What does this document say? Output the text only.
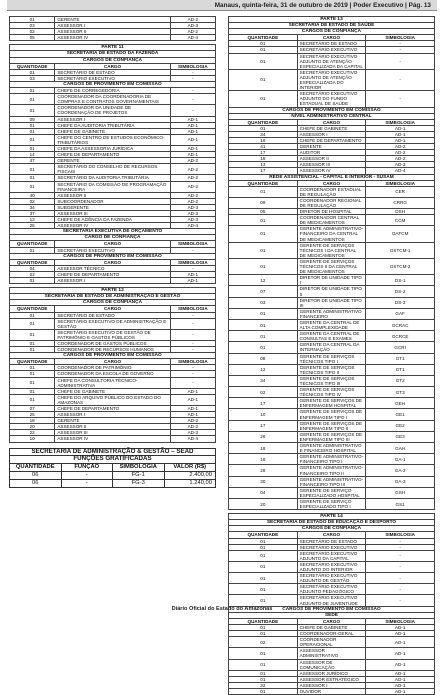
Manaus, quinta-feira, 31 de outubro de 2019 | Poder Executivo | Pág. 13
01	GERENTE	AD-2
03	ASSESSOR I	AD-3
02	ASSESSOR II	AD-2
05	ASSESSOR IV	AD-4

PARTE 11		
SECRETARIA DE ESTADO DA FAZENDA		
CARGOS DE CONFIANÇA		
QUANTIDADE	CARGO	SIMBOLOGIA
01	SECRETÁRIO DE ESTADO	-
03	SECRETÁRIO EXECUTIVO	-
CARGOS DE PROVIMENTO EM COMISSÃO		
01	CHEFE DE CORREGEDORIA	-
01	COORDENADOR DA COORDENADORIA DE COMPRAS E CONTRATOS GOVERNAMENTAIS	-
01	COORDENADOR DA UNIDADE DE COORDENAÇÃO DE PROJETOS	-
09	ASSESSOR I	AD-1
01	CHEFE DA AUDITORIA TRIBUTÁRIA	AD-1
01	CHEFE DE GABINETE	AD-1
01	CHEFE DO CENTRO DE ESTUDOS ECONÔMICO-TRIBUTÁRIOS	AD-1
01	CHEFE DA ASSESSORIA JURÍDICA	AD-1
14	CHEFE DE DEPARTAMENTO	AD-1
47	GERENTE	AD-2
01	SECRETÁRIO DO CONSELHO DE RECURSOS FISCAIS	AD-2
01	SECRETÁRIO DA AUDITORIA TRIBUTÁRIA	AD-2
01	SECRETÁRIO DA COMISSÃO DE PROGRAMAÇÃO FINANCEIRA	AD-2
40	ASSESSOR II	AD-2
02	SUBCOORDENADOR	AD-2
34	SUBGERENTE	AD-3
37	ASSESSOR III	AD-3
13	CHEFE DE AGÊNCIA DA FAZENDA	AD-3
26	ASSESSOR IV	AD-4
SECRETARIA EXECUTIVA DE ORÇAMENTO		
CARGO DE CONFIANÇA		
QUANTIDADE	CARGO	SIMBOLOGIA
01	SECRETÁRIO EXECUTIVO	-
CARGOS DE PROVIMENTO EM COMISSÃO		
QUANTIDADE	CARGO	SIMBOLOGIA
04	ASSESSOR TÉCNICO	-
02	CHEFE DE DEPARTAMENTO	AD-1
01	ASSESSOR I	AD-1

PARTE 12		
SECRETARIA DE ESTADO DE ADMINISTRAÇÃO E GESTÃO		
CARGOS DE CONFIANÇA		
QUANTIDADE	CARGO	SIMBOLOGIA
01	SECRETÁRIO DE ESTADO	-
01	SECRETÁRIO EXECUTIVO DE ADMINISTRAÇÃO E GESTÃO	-
01	SECRETÁRIO EXECUTIVO DE GESTÃO DE PATRIMÔNIO E GASTOS PÚBLICOS	-
01	COORDENADOR DE GASTOS PÚBLICOS	-
01	COORDENADOR DE RECURSOS HUMANOS	-
CARGOS DE PROVIMENTO EM COMISSÃO		
QUANTIDADE	CARGO	SIMBOLOGIA
01	COORDENADOR DE PATRIMÔNIO	-
01	COORDENADOR DA ESCOLA DE GOVERNO	-
01	CHEFE DA CONSULTORIA TÉCNICO-ADMINISTRATIVA	-
01	CHEFE DE GABINETE	AD-1
01	CHEFE DO ARQUIVO PÚBLICO DO ESTADO DO AMAZONAS	AD-1
07	CHEFE DE DEPARTAMENTO	AD-1
25	ASSESSOR I	AD-1
18	GERENTE	AD-2
20	ASSESSOR II	AD-2
22	ASSESSOR III	AD-3
10	ASSESSOR IV	AD-4
SECRETARIA DE ADMINISTRAÇÃO & GESTÃO – SEAD			
FUNÇÕES GRATIFICADAS			
QUANTIDADE	FUNÇÃO	SIMBOLOGIA	VALOR (R$)
06	-	FG-1	2.400,00
06	-	FG-3	1.240,00
PARTE 13		
SECRETARIA DE ESTADO DE SAÚDE		
CARGOS DE CONFIANÇA		
QUANTIDADE	CARGO	SIMBOLOGIA
01	SECRETÁRIO DE ESTADO	-
01	SECRETÁRIO EXECUTIVO	-
01	SECRETÁRIO EXECUTIVO ADJUNTO DE ATENÇÃO ESPECIALIZADA DA CAPITAL	-
01	SECRETÁRIO EXECUTIVO ADJUNTO DE ATENÇÃO ESPECIALIZADA DO INTERIOR	-
01	SECRETÁRIO EXECUTIVO ADJUNTO DO FUNDO ESTADUAL DE SAÚDE	-
CARGOS DE PROVIMENTO EM COMISSÃO		
NÍVEL ADMINISTRATIVO CENTRAL		
QUANTIDADE	CARGO	SIMBOLOGIA
01	CHEFE DE GABINETE	AD-1
34	ASSESSOR I	AD-1
16	CHEFE DE DEPARTAMENTO	AD-1
41	GERENTE	AD-2
17	AUDITOR	AD-2
18	ASSESSOR II	AD-2
13	ASSESSOR III	AD-3
17	ASSESSOR IV	AD-4
REDE ASSISTENCIAL - CAPITAL E INTERIOR - SUSAM		
QUANTIDADE	CARGO	SIMBOLOGIA
01	COORDENADOR ESTADUAL DE REGULAÇÃO	CER
09	COORDENADOR REGIONAL DE REGULAÇÃO	CRRG
05	DIRETOR DE HOSPITAL	DSH
01	COORDENADOR CENTRAL DE MEDICAMENTOS	CCM
01	GERENTE ADMINISTRATIVO-FINANCEIRO DA CENTRAL DE MEDICAMENTOS	GAFCM
01	GERENTE DE SERVIÇOS TÉCNICOS I DA CENTRAL DE MEDICAMENTOS	GSTCM-1
01	GERENTE DE SERVIÇOS TÉCNICOS II DA CENTRAL DE MEDICAMENTOS	GSTCM-2
12	DIRETOR DE UNIDADE TIPO I	DS-1
07	DIRETOR DE UNIDADE TIPO II	DS-2
03	DIRETOR DE UNIDADE TIPO III	DS-3
01	GERENTE ADMINISTRATIVO FINANCEIRO	GAF
01	GERENTE DA CENTRAL DE ALTA COMPLEXIDADE	GCRAC
01	GERENTE DA CENTRAL DE CONSULTAS E EXAMES	GCRCE
01	GERENTE DA CENTRAL DA INTERNAÇÃO	GCRI
08	GERENTE DE SERVIÇOS TÉCNICOS TIPO I	GT1
12	GERENTE DE SERVIÇOS TÉCNICOS TIPO II	GT1
34	GERENTE DE SERVIÇOS TÉCNICOS TIPO III	GT2
02	GERENTE DE SERVIÇOS TÉCNICOS TIPO IV	GT3
17	GERENTE DE SERVIÇOS DE ENFERMAGEM HOSPITAL	GEH
10	GERENTE DE SERVIÇOS DE ENFERMAGEM TIPO I	GE1
17	GERENTE DE SERVIÇOS DE ENFERMAGEM TIPO II	GE2
26	GERENTE DE SERVIÇOS DE ENFERMAGEM TIPO III	GE3
18	GERENTE ADMINISTRATIVO E FINANCEIRO HOSPITAL	GAH
18	GERENTE ADMINISTRATIVO-FINANCEIRO TIPO I	GA-1
28	GERENTE ADMINISTRATIVO-FINANCEIRO TIPO II	GA-2
30	GERENTE ADMINISTRATIVO-FINANCEIRO TIPO III	GA-3
04	GERENTE DE SERVIÇO ESPECIALIZADO HOSPITAL	GSH
20	GERENTE DE SERVIÇO ESPECIALIZADO TIPO I	GS1

PARTE 14		
SECRETARIA DE ESTADO DE EDUCAÇÃO E DESPORTO		
CARGOS DE CONFIANÇA		
QUANTIDADE	CARGO	SIMBOLOGIA
01	SECRETÁRIO DE ESTADO	-
01	SECRETÁRIO EXECUTIVO	-
01	SECRETÁRIO EXECUTIVO ADJUNTO DA CAPITAL	-
01	SECRETÁRIO EXECUTIVO ADJUNTO DO INTERIOR	-
01	SECRETÁRIO EXECUTIVO ADJUNTO DE GESTÃO	-
01	SECRETÁRIO EXECUTIVO ADJUNTO PEDAGÓGICO	-
01	SECRETÁRIO EXECUTIVO ADJUNTO DE JUVENTUDE	-
CARGOS DE PROVIMENTO EM COMISSÃO		
SEDE		
QUANTIDADE	CARGO	SIMBOLOGIA
01	CHEFE DE GABINETE	AD-1
01	COORDENADOR-GERAL	AD-1
02	COORDENADOR OPERACIONAL	AD-1
01	ASSESSOR ADMINISTRATIVO	AD-1
01	ASSESSOR DE COMUNICAÇÃO	AD-1
01	ASSESSOR JURÍDICO	AD-1
01	ASSESSOR ESTRATÉGICO	AD-1
32	ASSESSOR I	AD-1
01	OUVIDOR	AD-1
Diário Oficial do Estado do Amazonas
